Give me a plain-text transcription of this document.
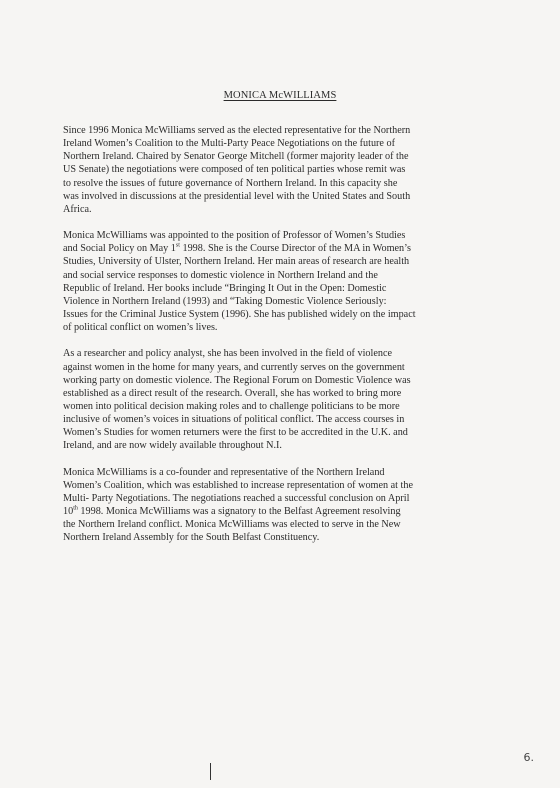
MONICA McWILLIAMS

Since 1996 Monica McWilliams served as the elected representative for the Northern
Ireland Women’s Coalition to the Multi-Party Peace Negotiations on the future of
Northern Ireland. Chaired by Senator George Mitchell (former majority leader of the
US Senate) the negotiations were composed of ten political parties whose remit was
to resolve the issues of future governance of Northern Ireland. In this capacity she
was involved in discussions at the presidential level with the United States and South
Africa.

Monica McWilliams was appointed to the position of Professor of Women’s Studies
and Social Policy on May 1st 1998. She is the Course Director of the MA in Women’s
Studies, University of Ulster, Northern Ireland. Her main areas of research are health
and social service responses to domestic violence in Northern Ireland and the
Republic of Ireland. Her books include “Bringing It Out in the Open: Domestic
Violence in Northern Ireland (1993) and “Taking Domestic Violence Seriously:
Issues for the Criminal Justice System (1996). She has published widely on the impact
of political conflict on women’s lives.

As a researcher and policy analyst, she has been involved in the field of violence
against women in the home for many years, and currently serves on the government
working party on domestic violence. The Regional Forum on Domestic Violence was
established as a direct result of the research. Overall, she has worked to bring more
women into political decision making roles and to challenge politicians to be more
inclusive of women’s voices in situations of political conflict. The access courses in
Women’s Studies for women returners were the first to be accredited in the U.K. and
Ireland, and are now widely available throughout N.I.

Monica McWilliams is a co-founder and representative of the Northern Ireland
Women’s Coalition, which was established to increase representation of women at the
Multi- Party Negotiations. The negotiations reached a successful conclusion on April
10th 1998. Monica McWilliams was a signatory to the Belfast Agreement resolving
the Northern Ireland conflict. Monica McWilliams was elected to serve in the New
Northern Ireland Assembly for the South Belfast Constituency.

6.
